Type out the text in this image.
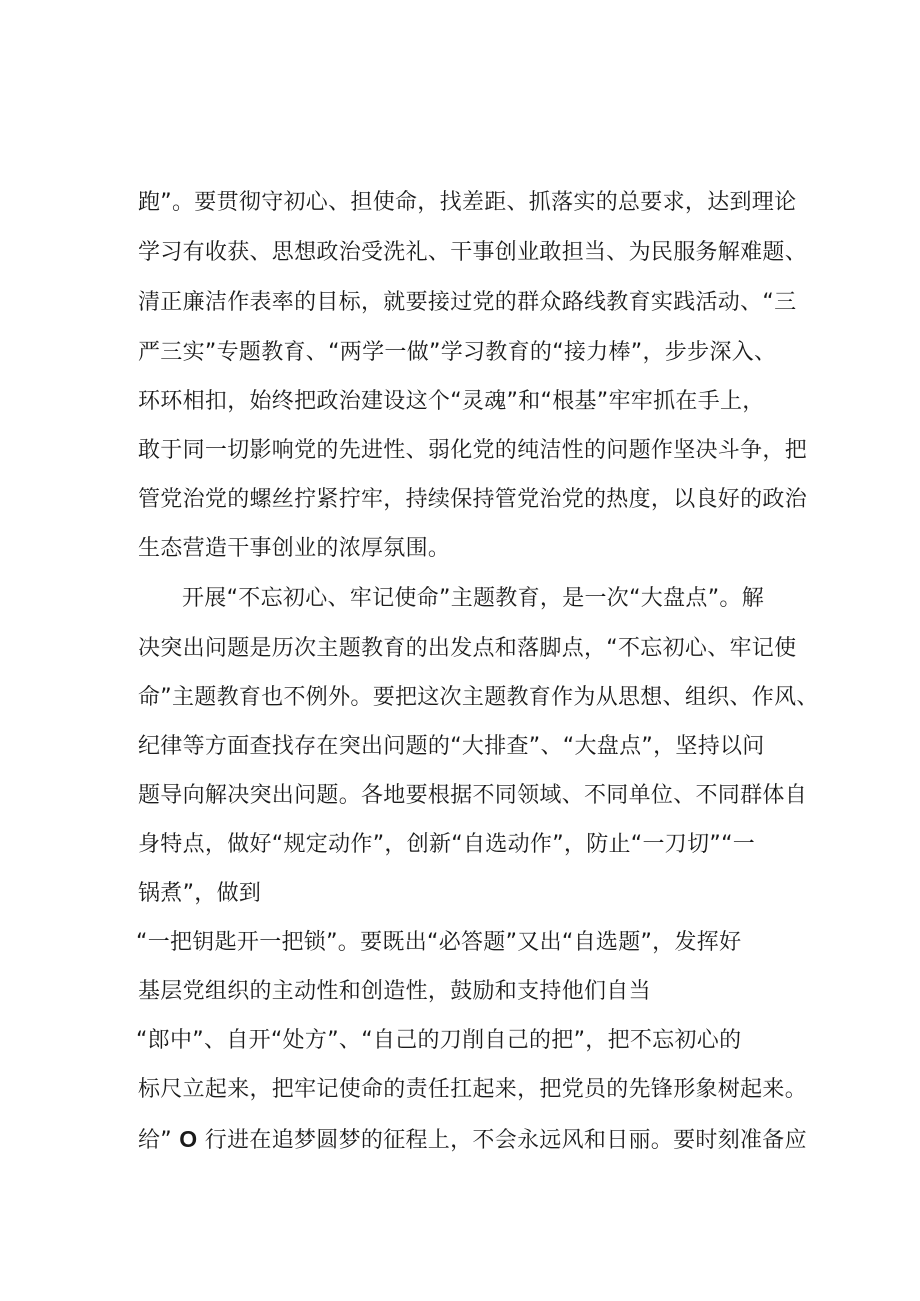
跑”。要贯彻守初心、担使命，找差距、抓落实的总要求，达到理论
学习有收获、思想政治受洗礼、干事创业敢担当、为民服务解难题、
清正廉洁作表率的目标，就要接过党的群众路线教育实践活动、“三
严三实”专题教育、“两学一做”学习教育的“接力棒”，步步深入、
环环相扣，始终把政治建设这个“灵魂”和“根基”牢牢抓在手上，
敢于同一切影响党的先进性、弱化党的纯洁性的问题作坚决斗争，把
管党治党的螺丝拧紧拧牢，持续保持管党治党的热度，以良好的政治
生态营造干事创业的浓厚氛围。
开展“不忘初心、牢记使命”主题教育，是一次“大盘点”。解
决突出问题是历次主题教育的出发点和落脚点，“不忘初心、牢记使
命”主题教育也不例外。要把这次主题教育作为从思想、组织、作风、
纪律等方面查找存在突出问题的“大排查”、“大盘点”，坚持以问
题导向解决突出问题。各地要根据不同领域、不同单位、不同群体自
身特点，做好“规定动作”，创新“自选动作”，防止“一刀切”“一
锅煮”，做到
“一把钥匙开一把锁”。要既出“必答题”又出“自选题”，发挥好
基层党组织的主动性和创造性，鼓励和支持他们自当
“郎中”、自开“处方”、“自己的刀削自己的把”，把不忘初心的
标尺立起来，把牢记使命的责任扛起来，把党员的先锋形象树起来。
给” O 行进在追梦圆梦的征程上，不会永远风和日丽。要时刻准备应
